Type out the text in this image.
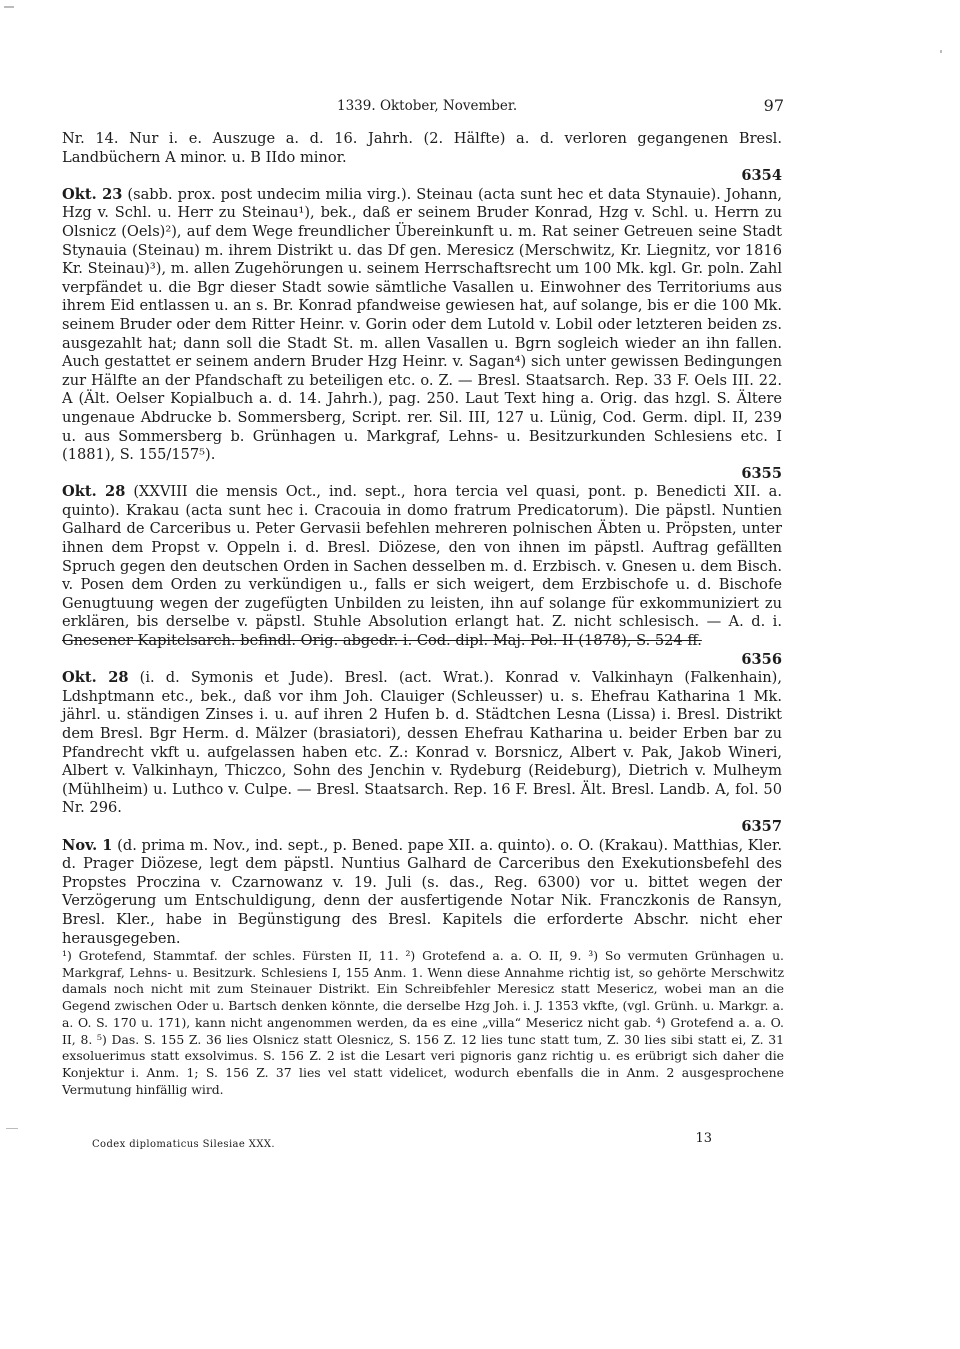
1339. Oktober, November.	97

Nr. 14. Nur i. e. Auszuge a. d. 16. Jahrh. (2. Hälfte) a. d. verloren gegangenen Bresl. Landbüchern A minor. u. B IIdo minor.

6354

Okt. 23 (sabb. prox. post undecim milia virg.). Steinau (acta sunt hec et data Stynauie). Johann, Hzg v. Schl. u. Herr zu Steinau¹), bek., daß er seinem Bruder Konrad, Hzg v. Schl. u. Herrn zu Olsnicz (Oels)²), auf dem Wege freundlicher Übereinkunft u. m. Rat seiner Getreuen seine Stadt Stynauia (Steinau) m. ihrem Distrikt u. das Df gen. Meresicz (Merschwitz, Kr. Liegnitz, vor 1816 Kr. Steinau)³), m. allen Zugehörungen u. seinem Herrschaftsrecht um 100 Mk. kgl. Gr. poln. Zahl verpfändet u. die Bgr dieser Stadt sowie sämtliche Vasallen u. Einwohner des Territoriums aus ihrem Eid entlassen u. an s. Br. Konrad pfandweise gewiesen hat, auf solange, bis er die 100 Mk. seinem Bruder oder dem Ritter Heinr. v. Gorin oder dem Lutold v. Lobil oder letzteren beiden zs. ausgezahlt hat; dann soll die Stadt St. m. allen Vasallen u. Bgrn sogleich wieder an ihn fallen. Auch gestattet er seinem andern Bruder Hzg Heinr. v. Sagan⁴) sich unter gewissen Bedingungen zur Hälfte an der Pfandschaft zu beteiligen etc. o. Z. — Bresl. Staatsarch. Rep. 33 F. Oels III. 22. A (Ält. Oelser Kopialbuch a. d. 14. Jahrh.), pag. 250. Laut Text hing a. Orig. das hzgl. S. Ältere ungenaue Abdrucke b. Sommersberg, Script. rer. Sil. III, 127 u. Lünig, Cod. Germ. dipl. II, 239 u. aus Sommersberg b. Grünhagen u. Markgraf, Lehns- u. Besitzurkunden Schlesiens etc. I (1881), S. 155/157⁵).

6355

Okt. 28 (XXVIII die mensis Oct., ind. sept., hora tercia vel quasi, pont. p. Benedicti XII. a. quinto). Krakau (acta sunt hec i. Cracouia in domo fratrum Predicatorum). Die päpstl. Nuntien Galhard de Carceribus u. Peter Gervasii befehlen mehreren polnischen Äbten u. Pröpsten, unter ihnen dem Propst v. Oppeln i. d. Bresl. Diözese, den von ihnen im päpstl. Auftrag gefällten Spruch gegen den deutschen Orden in Sachen desselben m. d. Erzbisch. v. Gnesen u. dem Bisch. v. Posen dem Orden zu verkündigen u., falls er sich weigert, dem Erzbischofe u. d. Bischofe Genugtuung wegen der zugefügten Unbilden zu leisten, ihn auf solange für exkommuniziert zu erklären, bis derselbe v. päpstl. Stuhle Absolution erlangt hat. Z. nicht schlesisch. — A. d. i. Gnesener Kapitelsarch. befindl. Orig. abgedr. i. Cod. dipl. Maj. Pol. II (1878), S. 524 ff.

6356

Okt. 28 (i. d. Symonis et Jude). Bresl. (act. Wrat.). Konrad v. Valkinhayn (Falkenhain), Ldshptmann etc., bek., daß vor ihm Joh. Clauiger (Schleusser) u. s. Ehefrau Katharina 1 Mk. jährl. u. ständigen Zinses i. u. auf ihren 2 Hufen b. d. Städtchen Lesna (Lissa) i. Bresl. Distrikt dem Bresl. Bgr Herm. d. Mälzer (brasiatori), dessen Ehefrau Katharina u. beider Erben bar zu Pfandrecht vkft u. aufgelassen haben etc. Z.: Konrad v. Borsnicz, Albert v. Pak, Jakob Wineri, Albert v. Valkinhayn, Thiczco, Sohn des Jenchin v. Rydeburg (Reideburg), Dietrich v. Mulheym (Mühlheim) u. Luthco v. Culpe. — Bresl. Staatsarch. Rep. 16 F. Bresl. Ält. Bresl. Landb. A, fol. 50 Nr. 296.

6357

Nov. 1 (d. prima m. Nov., ind. sept., p. Bened. pape XII. a. quinto). o. O. (Krakau). Matthias, Kler. d. Prager Diözese, legt dem päpstl. Nuntius Galhard de Carceribus den Exekutionsbefehl des Propstes Proczina v. Czarnowanz v. 19. Juli (s. das., Reg. 6300) vor u. bittet wegen der Verzögerung um Entschuldigung, denn der ausfertigende Notar Nik. Franczkonis de Ransyn, Bresl. Kler., habe in Begünstigung des Bresl. Kapitels die erforderte Abschr. nicht eher herausgegeben.

¹) Grotefend, Stammtaf. der schles. Fürsten II, 11. ²) Grotefend a. a. O. II, 9. ³) So vermuten Grünhagen u. Markgraf, Lehns- u. Besitzurk. Schlesiens I, 155 Anm. 1. Wenn diese Annahme richtig ist, so gehörte Merschwitz damals noch nicht mit zum Steinauer Distrikt. Ein Schreibfehler Meresicz statt Mesericz, wobei man an die Gegend zwischen Oder u. Bartsch denken könnte, die derselbe Hzg Joh. i. J. 1353 vkfte, (vgl. Grünh. u. Markgr. a. a. O. S. 170 u. 171), kann nicht angenommen werden, da es eine „villa“ Mesericz nicht gab. ⁴) Grotefend a. a. O. II, 8. ⁵) Das. S. 155 Z. 36 lies Olsnicz statt Olesnicz, S. 156 Z. 12 lies tunc statt tum, Z. 30 lies sibi statt ei, Z. 31 exsoluerimus statt exsolvimus. S. 156 Z. 2 ist die Lesart veri pignoris ganz richtig u. es erübrigt sich daher die Konjektur i. Anm. 1; S. 156 Z. 37 lies vel statt videlicet, wodurch ebenfalls die in Anm. 2 ausgesprochene Vermutung hinfällig wird.

Codex diplomaticus Silesiae XXX.	13
